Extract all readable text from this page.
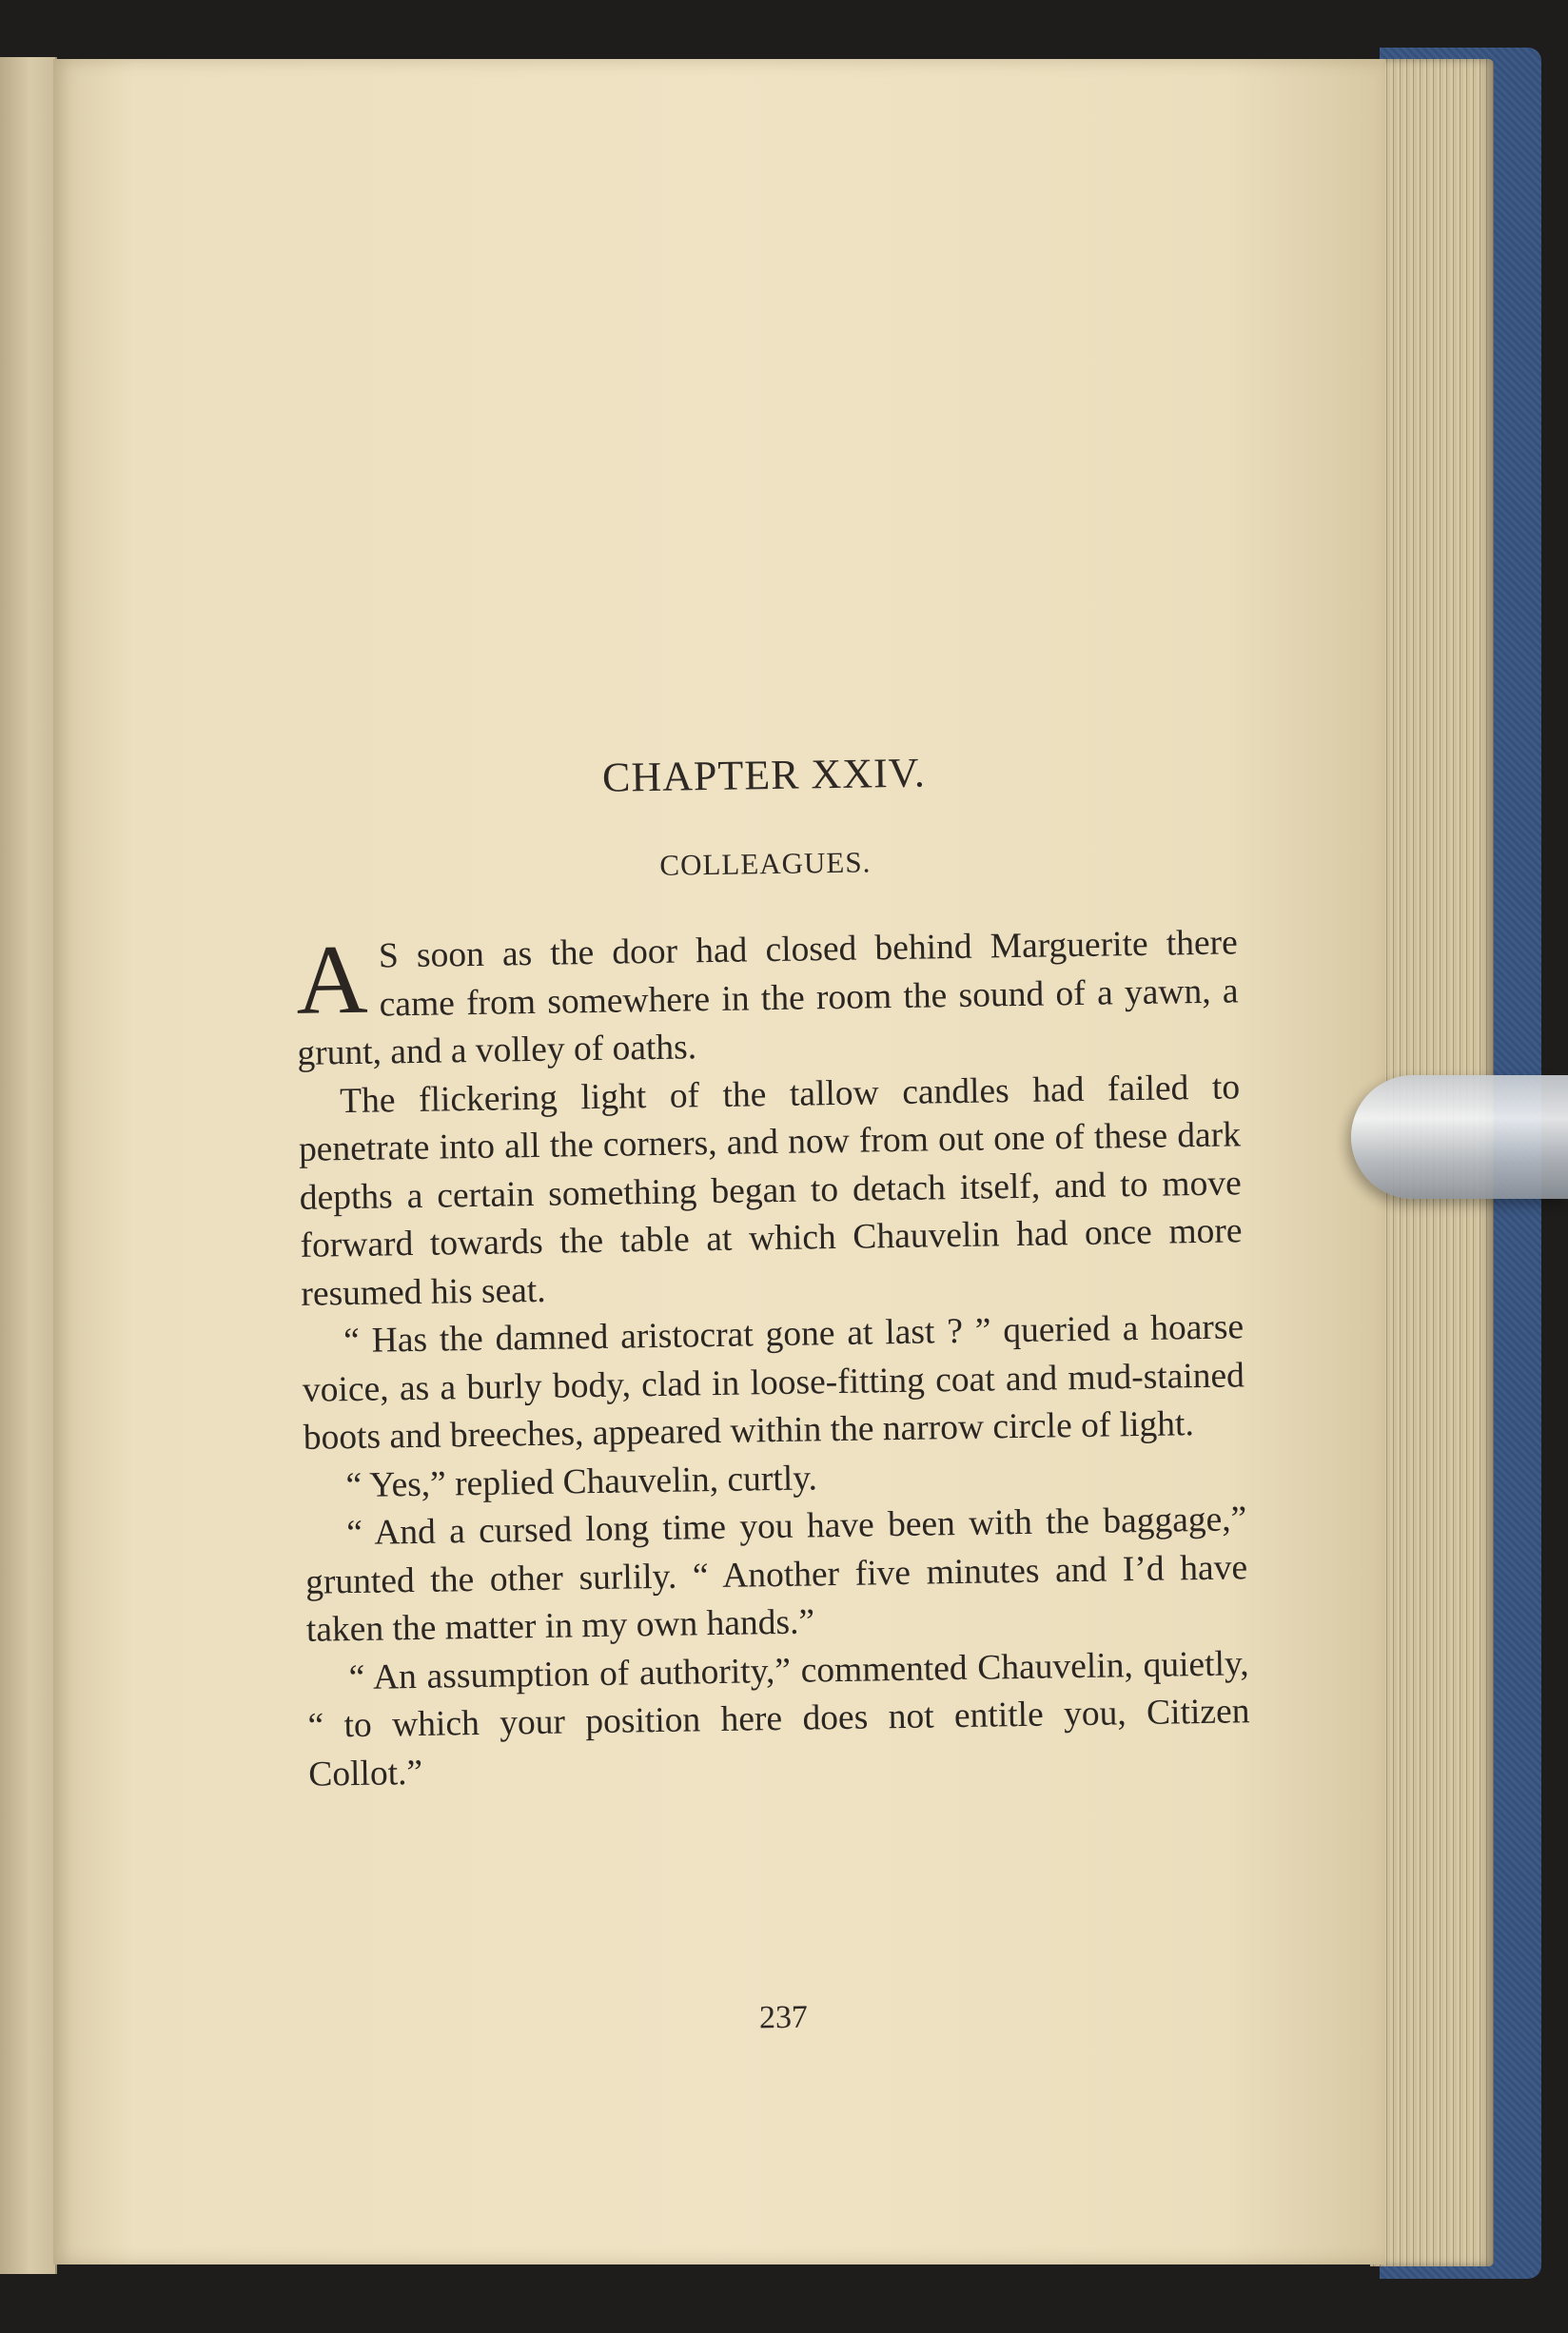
CHAPTER XXIV.
COLLEAGUES.

A S soon as the door had closed behind Marguerite there came from somewhere in the room the sound of a yawn, a grunt, and a volley of oaths.

The flickering light of the tallow candles had failed to penetrate into all the corners, and now from out one of these dark depths a certain something began to detach itself, and to move forward towards the table at which Chauvelin had once more resumed his seat.

“ Has the damned aristocrat gone at last ? ” queried a hoarse voice, as a burly body, clad in loose-fitting coat and mud-stained boots and breeches, appeared within the narrow circle of light.

“ Yes,” replied Chauvelin, curtly.

“ And a cursed long time you have been with the baggage,” grunted the other surlily. “ Another five minutes and I’d have taken the matter in my own hands.”

“ An assumption of authority,” commented Chauvelin, quietly, “ to which your position here does not entitle you, Citizen Collot.”

237
